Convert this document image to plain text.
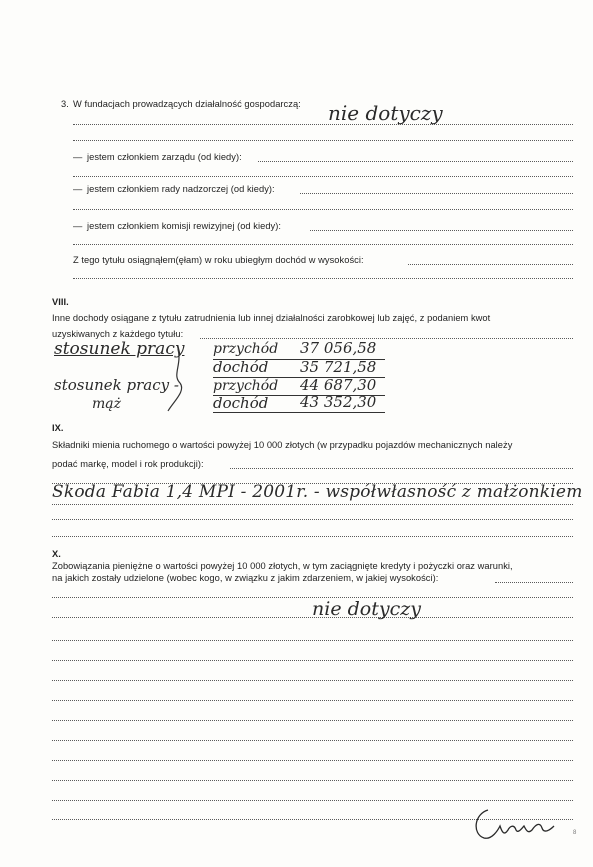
3. W fundacjach prowadzących działalność gospodarczą: nie dotyczy
— jestem członkiem zarządu (od kiedy):
— jestem członkiem rady nadzorczej (od kiedy):
— jestem członkiem komisji rewizyjnej (od kiedy):
Z tego tytułu osiągnąłem(ęłam) w roku ubiegłym dochód w wysokości:
VIII.
Inne dochody osiągane z tytułu zatrudnienia lub innej działalności zarobkowej lub zajęć, z podaniem kwot
uzyskiwanych z każdego tytułu:
stosunek pracy przychód 37 056,58
dochód 35 721,58
stosunek pracy - przychód 44 687,30
mąż	dochód 43 352,30
IX.
Składniki mienia ruchomego o wartości powyżej 10 000 złotych (w przypadku pojazdów mechanicznych należy
podać markę, model i rok produkcji):
Skoda Fabia 1,4 MPI - 2001r. - współwłasność z małżonkiem
X.
Zobowiązania pieniężne o wartości powyżej 10 000 złotych, w tym zaciągnięte kredyty i pożyczki oraz warunki,
na jakich zostały udzielone (wobec kogo, w związku z jakim zdarzeniem, w jakiej wysokości):
nie dotyczy
8
